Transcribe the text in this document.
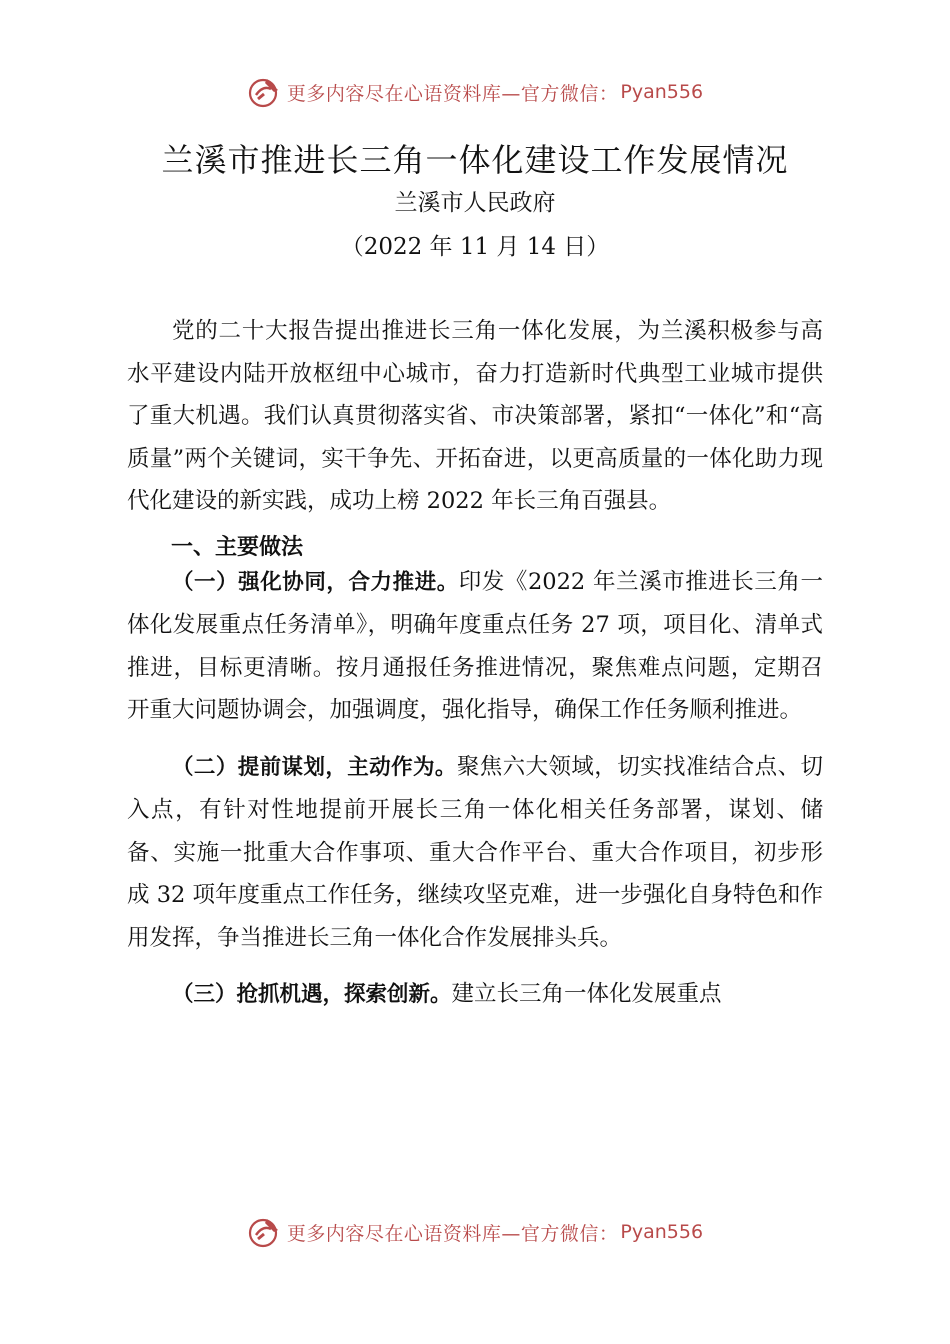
更多内容尽在心语资料库—官方微信： Pyan556
兰溪市推进长三角一体化建设工作发展情况
兰溪市人民政府
（2022 年 11 月 14 日）

党的二十大报告提出推进长三角一体化发展，为兰溪积极参与高水平建设内陆开放枢纽中心城市，奋力打造新时代典型工业城市提供了重大机遇。我们认真贯彻落实省、市决策部署，紧扣“一体化”和“高质量”两个关键词，实干争先、开拓奋进，以更高质量的一体化助力现代化建设的新实践，成功上榜 2022 年长三角百强县。

一、主要做法

（一）强化协同，合力推进。印发《2022 年兰溪市推进长三角一体化发展重点任务清单》，明确年度重点任务 27 项，项目化、清单式推进，目标更清晰。按月通报任务推进情况，聚焦难点问题，定期召开重大问题协调会，加强调度，强化指导，确保工作任务顺利推进。

（二）提前谋划，主动作为。聚焦六大领域，切实找准结合点、切入点，有针对性地提前开展长三角一体化相关任务部署，谋划、储备、实施一批重大合作事项、重大合作平台、重大合作项目，初步形成 32 项年度重点工作任务，继续攻坚克难，进一步强化自身特色和作用发挥，争当推进长三角一体化合作发展排头兵。

（三）抢抓机遇，探索创新。建立长三角一体化发展重点

更多内容尽在心语资料库—官方微信： Pyan556
